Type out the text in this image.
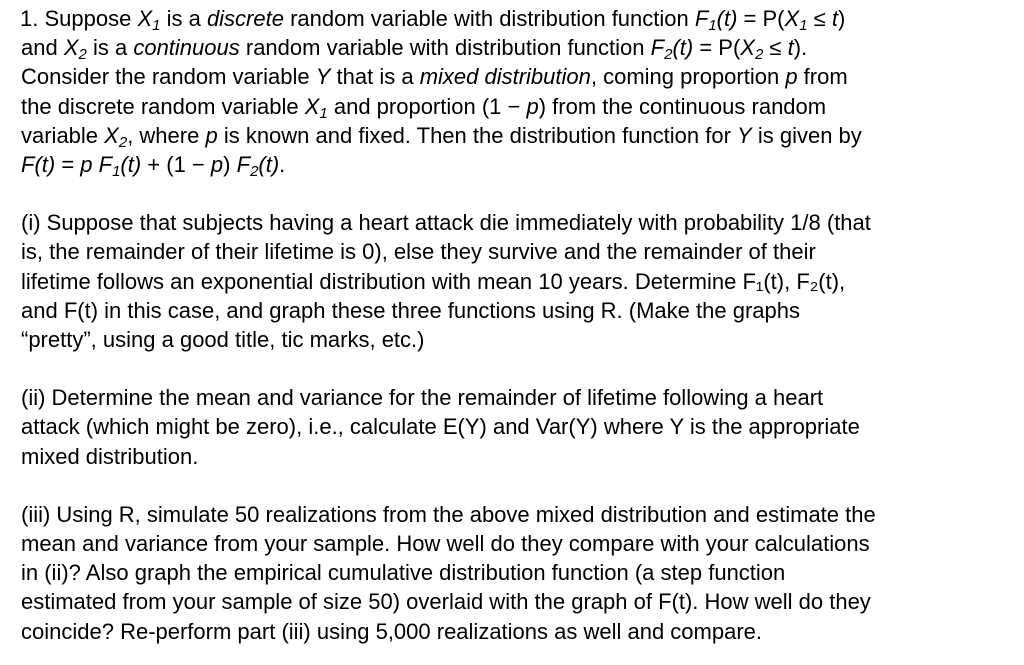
1. Suppose $X_1$ is a discrete random variable with distribution function $F_1(t) = P(X_1 \le t)$
and $X_2$ is a continuous random variable with distribution function $F_2(t) = P(X_2 \le t)$.
Consider the random variable Y that is a mixed distribution, coming proportion p from
the discrete random variable $X_1$ and proportion (1 − p) from the continuous random
variable $X_2$, where p is known and fixed. Then the distribution function for Y is given by
F(t) = p $F_1(t) + (1 - p)$ $F_2(t)$.

(i) Suppose that subjects having a heart attack die immediately with probability 1/8 (that
is, the remainder of their lifetime is 0), else they survive and the remainder of their
lifetime follows an exponential distribution with mean 10 years. Determine F₁(t), F₂(t),
and F(t) in this case, and graph these three functions using R. (Make the graphs
“pretty”, using a good title, tic marks, etc.)

(ii) Determine the mean and variance for the remainder of lifetime following a heart
attack (which might be zero), i.e., calculate E(Y) and Var(Y) where Y is the appropriate
mixed distribution.

(iii) Using R, simulate 50 realizations from the above mixed distribution and estimate the
mean and variance from your sample. How well do they compare with your calculations
in (ii)? Also graph the empirical cumulative distribution function (a step function
estimated from your sample of size 50) overlaid with the graph of F(t). How well do they
coincide? Re-perform part (iii) using 5,000 realizations as well and compare.
